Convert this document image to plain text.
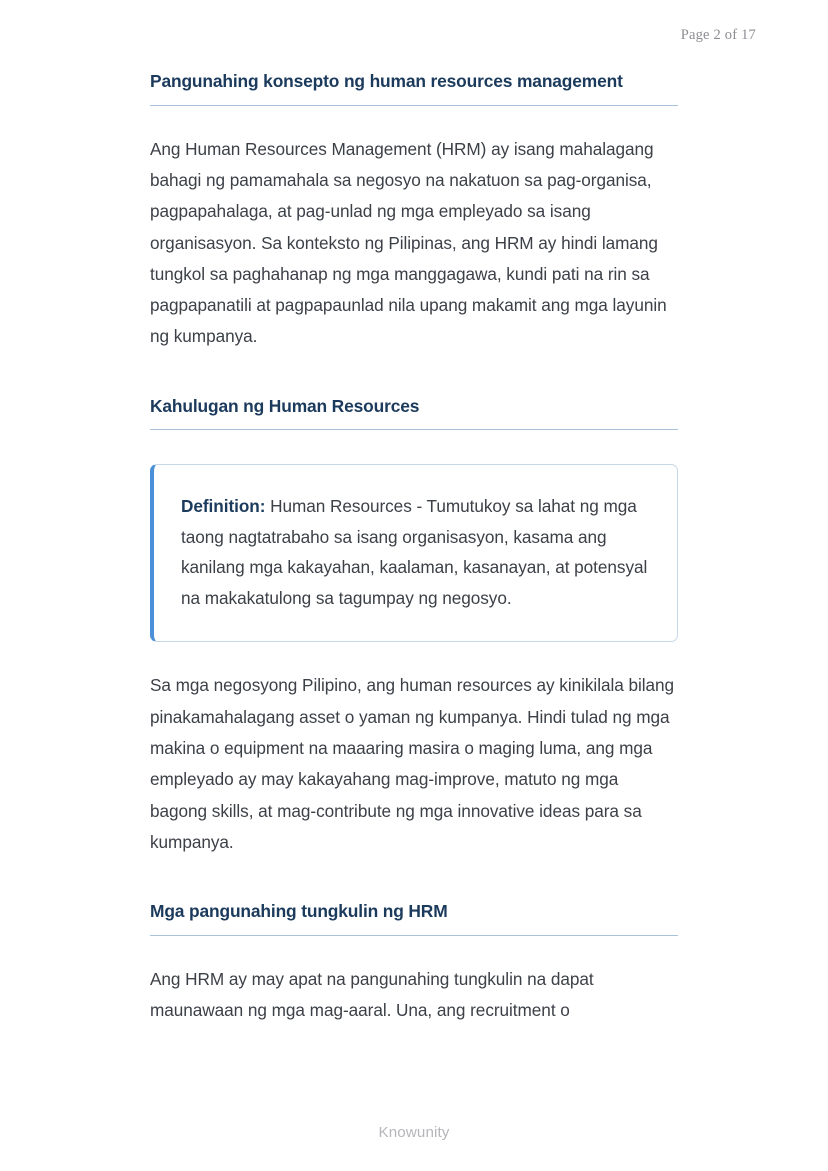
Page 2 of 17
Pangunahing konsepto ng human resources management

Ang Human Resources Management (HRM) ay isang mahalagang bahagi ng pamamahala sa negosyo na nakatuon sa pag-organisa, pagpapahalaga, at pag-unlad ng mga empleyado sa isang organisasyon. Sa konteksto ng Pilipinas, ang HRM ay hindi lamang tungkol sa paghahanap ng mga manggagawa, kundi pati na rin sa pagpapanatili at pagpapaunlad nila upang makamit ang mga layunin ng kumpanya.

Kahulugan ng Human Resources

Definition: Human Resources - Tumutukoy sa lahat ng mga taong nagtatrabaho sa isang organisasyon, kasama ang kanilang mga kakayahan, kaalaman, kasanayan, at potensyal na makakatulong sa tagumpay ng negosyo.

Sa mga negosyong Pilipino, ang human resources ay kinikilala bilang pinakamahalagang asset o yaman ng kumpanya. Hindi tulad ng mga makina o equipment na maaaring masira o maging luma, ang mga empleyado ay may kakayahang mag-improve, matuto ng mga bagong skills, at mag-contribute ng mga innovative ideas para sa kumpanya.

Mga pangunahing tungkulin ng HRM

Ang HRM ay may apat na pangunahing tungkulin na dapat maunawaan ng mga mag-aaral. Una, ang recruitment o

Knowunity
